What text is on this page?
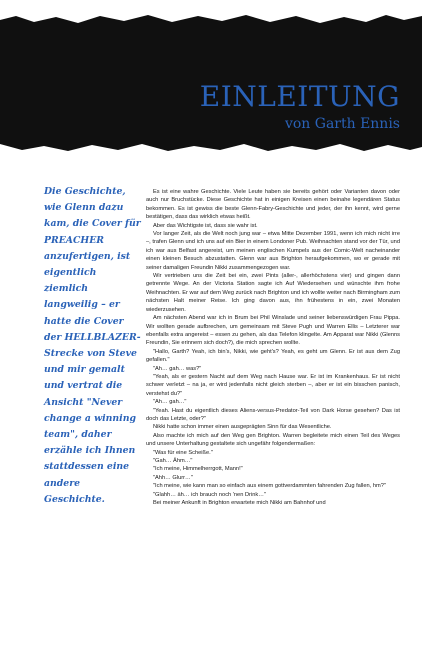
EINLEITUNG

von Garth Ennis

Die Geschichte, wie Glenn dazu kam, die Cover für PREACHER anzufertigen, ist eigentlich ziemlich langweilig – er hatte die Cover der HELLBLAZER-Strecke von Steve und mir gemalt und vertrat die Ansicht "Never change a winning team", daher erzähle ich Ihnen stattdessen eine andere Geschichte.

Es ist eine wahre Geschichte. Viele Leute haben sie bereits gehört oder Varianten davon oder auch nur Bruchstücke. Diese Geschichte hat in einigen Kreisen einen beinahe legendären Status bekommen. Es ist gewiss die beste Glenn-Fabry-Geschichte und jeder, der ihn kennt, wird gerne bestätigen, dass das wirklich etwas heißt.

Aber das Wichtigste ist, dass sie wahr ist.

Vor langer Zeit, als die Welt noch jung war – etwa Mitte Dezember 1991, wenn ich mich nicht irre –, trafen Glenn und ich uns auf ein Bier in einem Londoner Pub. Weihnachten stand vor der Tür, und ich war aus Belfast angereist, um meinen englischen Kumpels aus der Comic-Welt nacheinander einen kleinen Besuch abzustatten. Glenn war aus Brighton heraufgekommen, wo er gerade mit seiner damaligen Freundin Nikki zusammengezogen war.

Wir vertrieben uns die Zeit bei ein, zwei Pints (aller-, allerhöchstens vier) und gingen dann getrennte Wege. An der Victoria Station sagte ich Auf Wiedersehen und wünschte ihm frohe Weihnachten. Er war auf dem Weg zurück nach Brighton und ich wollte weiter nach Birmingham zum nächsten Halt meiner Reise. Ich ging davon aus, ihn frühestens in ein, zwei Monaten wiederzusehen.

Am nächsten Abend war ich in Brum bei Phil Winslade und seiner liebenswürdigen Frau Pippa. Wir wollten gerade aufbrechen, um gemeinsam mit Steve Pugh und Warren Ellis – Letzterer war ebenfalls extra angereist – essen zu gehen, als das Telefon klingelte. Am Apparat war Nikki (Glenns Freundin, Sie erinnern sich doch?), die mich sprechen wollte.

"Hallo, Garth? Yeah, ich bin's, Nikki, wie geht's? Yeah, es geht um Glenn. Er ist aus dem Zug gefallen."

"Ah… gah… was?"

"Yeah, als er gestern Nacht auf dem Weg nach Hause war. Er ist im Krankenhaus. Er ist nicht schwer verletzt – na ja, er wird jedenfalls nicht gleich sterben –, aber er ist ein bisschen panisch, verstehst du?"

"Ah… gah…"

"Yeah. Hast du eigentlich dieses Aliens-versus-Predator-Teil von Dark Horse gesehen? Das ist doch das Letzte, oder?"

Nikki hatte schon immer einen ausgeprägten Sinn für das Wesentliche.

Also machte ich mich auf den Weg gen Brighton. Warren begleitete mich einen Teil des Weges und unsere Unterhaltung gestaltete sich ungefähr folgendermaßen:

"Was für eine Scheiße."

"Gah… Ähm…"

"Ich meine, Himmelherrgott, Mann!"

"Ahh… Glurr…"

"Ich meine, wie kann man so einfach aus einem gottverdammten fahrenden Zug fallen, hm?"

"Glahh… äh… ich brauch noch 'nen Drink…"

Bei meiner Ankunft in Brighton erwartete mich Nikki am Bahnhof und
